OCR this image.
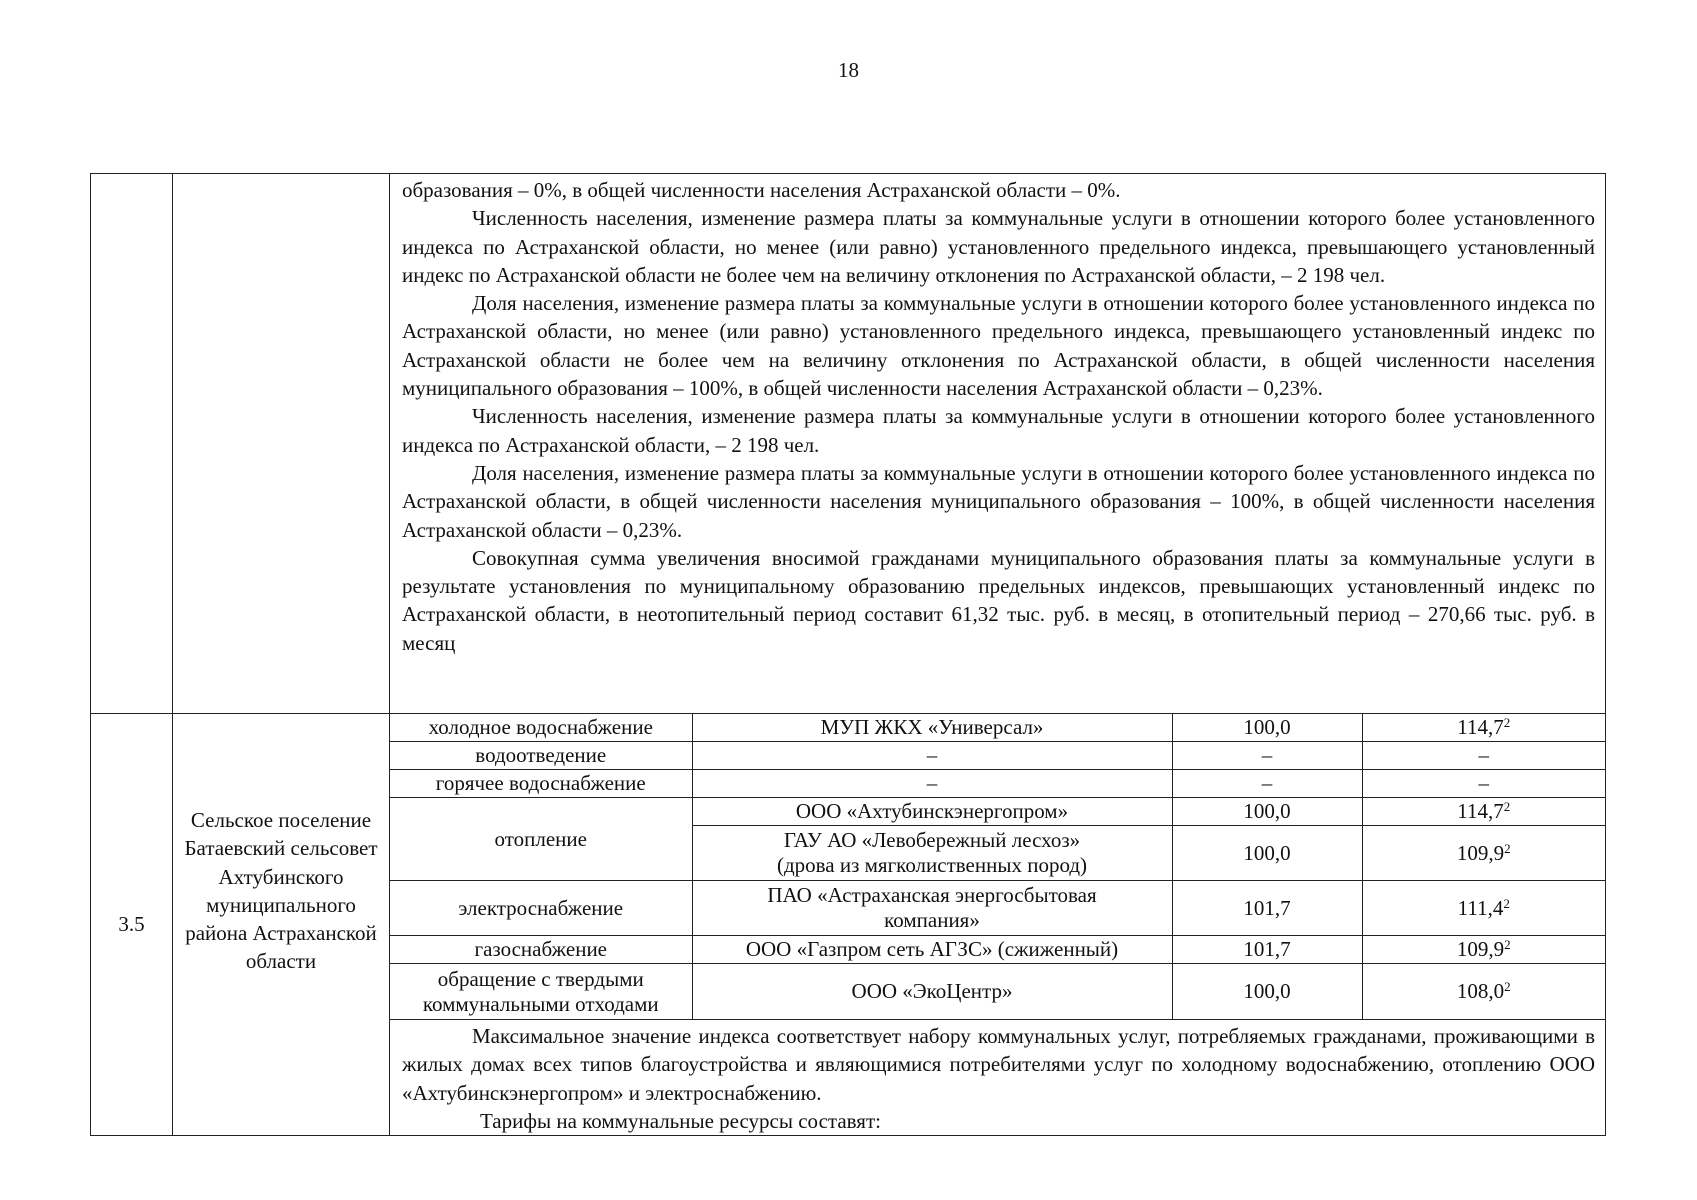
18

образования – 0%, в общей численности населения Астраханской области – 0%.

Численность населения, изменение размера платы за коммунальные услуги в отношении которого более установленного индекса по Астраханской области, но менее (или равно) установленного предельного индекса, превышающего установленный индекс по Астраханской области не более чем на величину отклонения по Астраханской области, – 2 198 чел.

Доля населения, изменение размера платы за коммунальные услуги в отношении которого более установленного индекса по Астраханской области, но менее (или равно) установленного предельного индекса, превышающего установленный индекс по Астраханской области не более чем на величину отклонения по Астраханской области, в общей численности населения муниципального образования – 100%, в общей численности населения Астраханской области – 0,23%.

Численность населения, изменение размера платы за коммунальные услуги в отношении которого более установленного индекса по Астраханской области, – 2 198 чел.

Доля населения, изменение размера платы за коммунальные услуги в отношении которого более установленного индекса по Астраханской области, в общей численности населения муниципального образования – 100%, в общей численности населения Астраханской области – 0,23%.

Совокупная сумма увеличения вносимой гражданами муниципального образования платы за коммунальные услуги в результате установления по муниципальному образованию предельных индексов, превышающих установленный индекс по Астраханской области, в неотопительный период составит 61,32 тыс. руб. в месяц, в отопительный период – 270,66 тыс. руб. в месяц

3.5	Сельское поселение Батаевский сельсовет Ахтубинского муниципального района Астраханской области	
холодное водоснабжение	МУП ЖКХ «Универсал»	100,0	114,7$^2$
водоотведение	–	–	–
горячее водоснабжение	–	–	–
отопление	ООО «Ахтубинскэнергопром»	100,0	114,7$^2$
ГАУ АО «Левобережный лесхоз»
(дрова из мягколиственных пород)	100,0	109,9$^2$
электроснабжение	ПАО «Астраханская энергосбытовая
компания»	101,7	111,4$^2$
газоснабжение	ООО «Газпром сеть АГЗС» (сжиженный)	101,7	109,9$^2$
обращение с твердыми
коммунальными отходами	ООО «ЭкоЦентр»	100,0	108,0$^2$

Максимальное значение индекса соответствует набору коммунальных услуг, потребляемых гражданами, проживающими в жилых домах всех типов благоустройства и являющимися потребителями услуг по холодному водоснабжению, отоплению ООО «Ахтубинскэнергопром» и электроснабжению.

Тарифы на коммунальные ресурсы составят:
